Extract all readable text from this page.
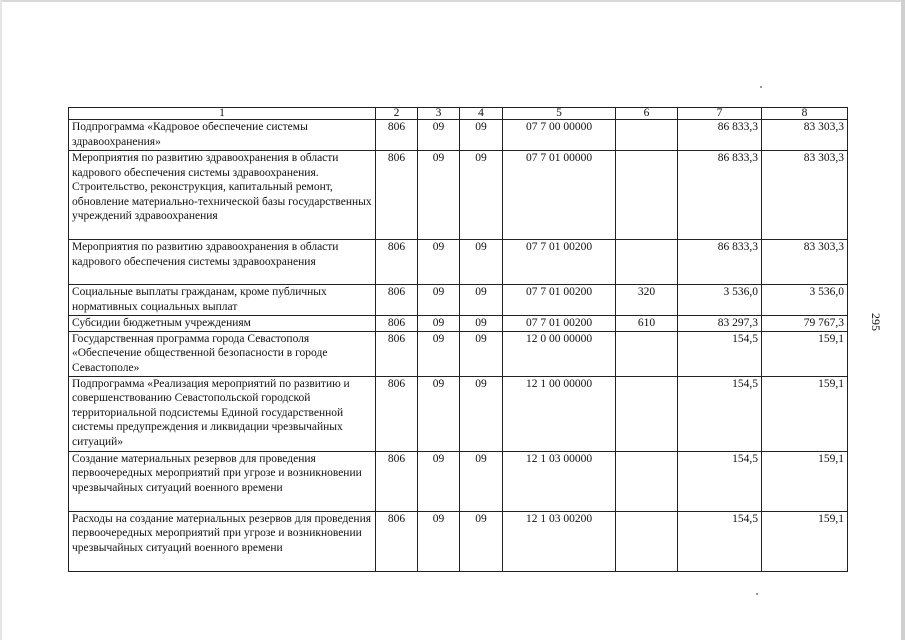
295
1	2	3	4	5	6	7	8
Подпрограмма «Кадровое обеспечение системы здравоохранения»	806	09	09	07 7 00 00000		86 833,3	83 303,3
Мероприятия по развитию здравоохранения в области кадрового обеспечения системы здравоохранения. Строительство, реконструкция, капитальный ремонт, обновление материально-технической базы государственных учреждений здравоохранения	806	09	09	07 7 01 00000		86 833,3	83 303,3
Мероприятия по развитию здравоохранения в области кадрового обеспечения системы здравоохранения	806	09	09	07 7 01 00200		86 833,3	83 303,3
Социальные выплаты гражданам, кроме публичных нормативных социальных выплат	806	09	09	07 7 01 00200	320	3 536,0	3 536,0
Субсидии бюджетным учреждениям	806	09	09	07 7 01 00200	610	83 297,3	79 767,3
Государственная программа города Севастополя «Обеспечение общественной безопасности в городе Севастополе»	806	09	09	12 0 00 00000		154,5	159,1
Подпрограмма «Реализация мероприятий по развитию и совершенствованию Севастопольской городской территориальной подсистемы Единой государственной системы предупреждения и ликвидации чрезвычайных ситуаций»	806	09	09	12 1 00 00000		154,5	159,1
Создание материальных резервов для проведения первоочередных мероприятий при угрозе и возникновении чрезвычайных ситуаций военного времени	806	09	09	12 1 03 00000		154,5	159,1
Расходы на создание материальных резервов для проведения первоочередных мероприятий при угрозе и возникновении чрезвычайных ситуаций военного времени	806	09	09	12 1 03 00200		154,5	159,1
